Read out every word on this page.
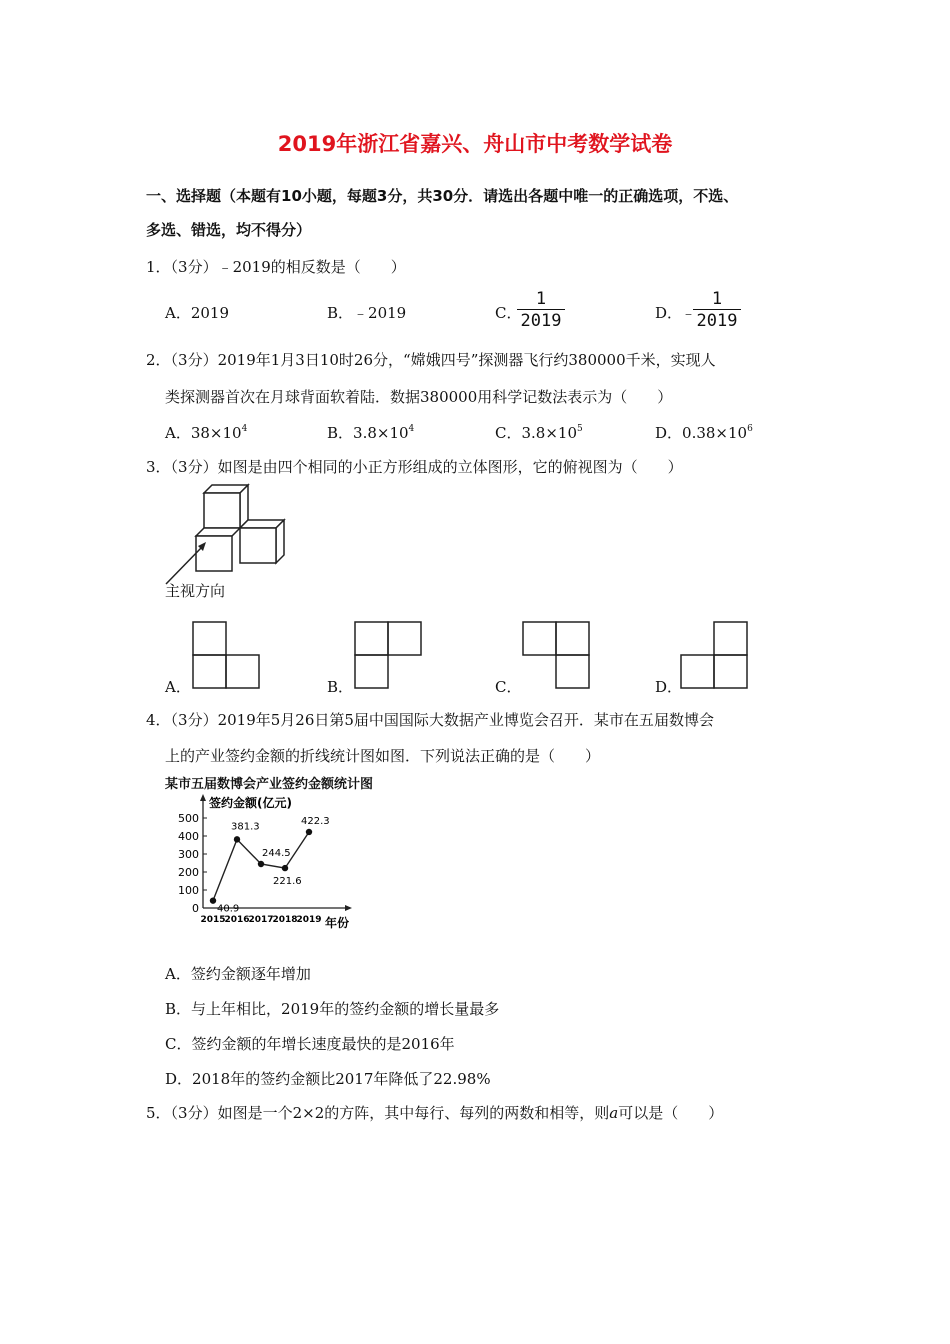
2019年浙江省嘉兴、舟山市中考数学试卷
一、选择题（本题有10小题，每题3分，共30分．请选出各题中唯一的正确选项，不选、
多选、错选，均不得分）
1．（3分）﹣2019的相反数是（　　）
A．2019	B．﹣2019	C．
$\frac{1}{2019}$	D．
﹣
$\frac{1}{2019}$
2．（3分）2019年1月3日10时26分，“嫦娥四号”探测器飞行约380000千米，实现人
类探测器首次在月球背面软着陆．数据380000用科学记数法表示为（　　）
A．$38\times 10^4$	B．$3.8\times 10^4$	C．$3.8\times 10^5$	D．$0.38\times 10^6$
3．（3分）如图是由四个相同的小正方形组成的立体图形，它的俯视图为（　　）
主视方向
A．	B．	C．	D．
4．（3分）2019年5月26日第5届中国国际大数据产业博览会召开．某市在五届数博会
上的产业签约金额的折线统计图如图．下列说法正确的是（　　）
某市五届数博会产业签约金额统计图
签约金额(亿元)
年份
0
100
200
300
400
500
2015
2016
2017
2018
2019
40.9
381.3
244.5
221.6
422.3
A．签约金额逐年增加
B．与上年相比，2019年的签约金额的增长量最多
C．签约金额的年增长速度最快的是2016年
D．2018年的签约金额比2017年降低了22.98%
5．（3分）如图是一个2×2的方阵，其中每行、每列的两数和相等，则a可以是（　　）
